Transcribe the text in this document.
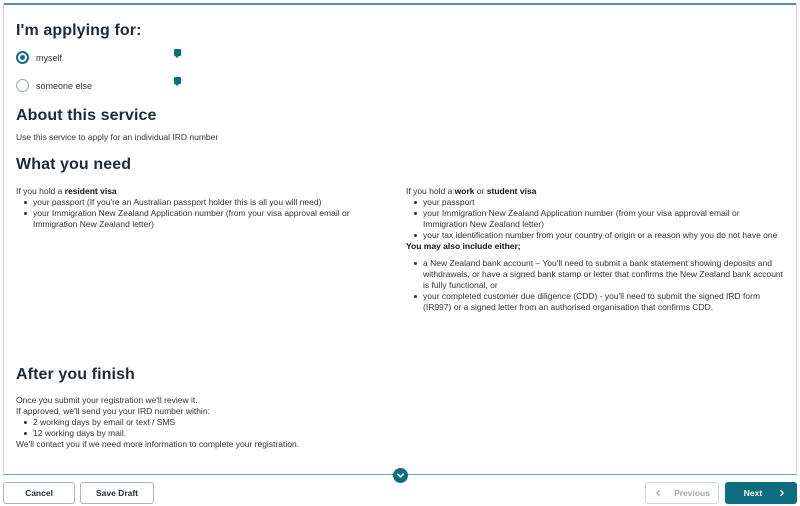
I'm applying for:
myself
someone else
About this service
Use this service to apply for an individual IRD number
What you need
If you hold a resident visa
your passport (If you're an Australian passport holder this is all you will need)
your Immigration New Zealand Application number (from your visa approval email or Immigration New Zealand letter)
If you hold a work or student visa
your passport
your Immigration New Zealand Application number (from your visa approval email or Immigration New Zealand letter)
your tax identification number from your country of origin or a reason why you do not have one
You may also include either;
a New Zealand bank account – You'll need to submit a bank statement showing deposits and withdrawals, or have a signed bank stamp or letter that confirms the New Zealand bank account is fully functional, or
your completed customer due diligence (CDD) - you'll need to submit the signed IRD form (IR997) or a signed letter from an authorised organisation that confirms CDD.
After you finish
Once you submit your registration we'll review it.
If approved, we'll send you your IRD number within:
2 working days by email or text / SMS
12 working days by mail.
We'll contact you if we need more information to complete your registration.
Cancel	Save Draft	Previous	Next
